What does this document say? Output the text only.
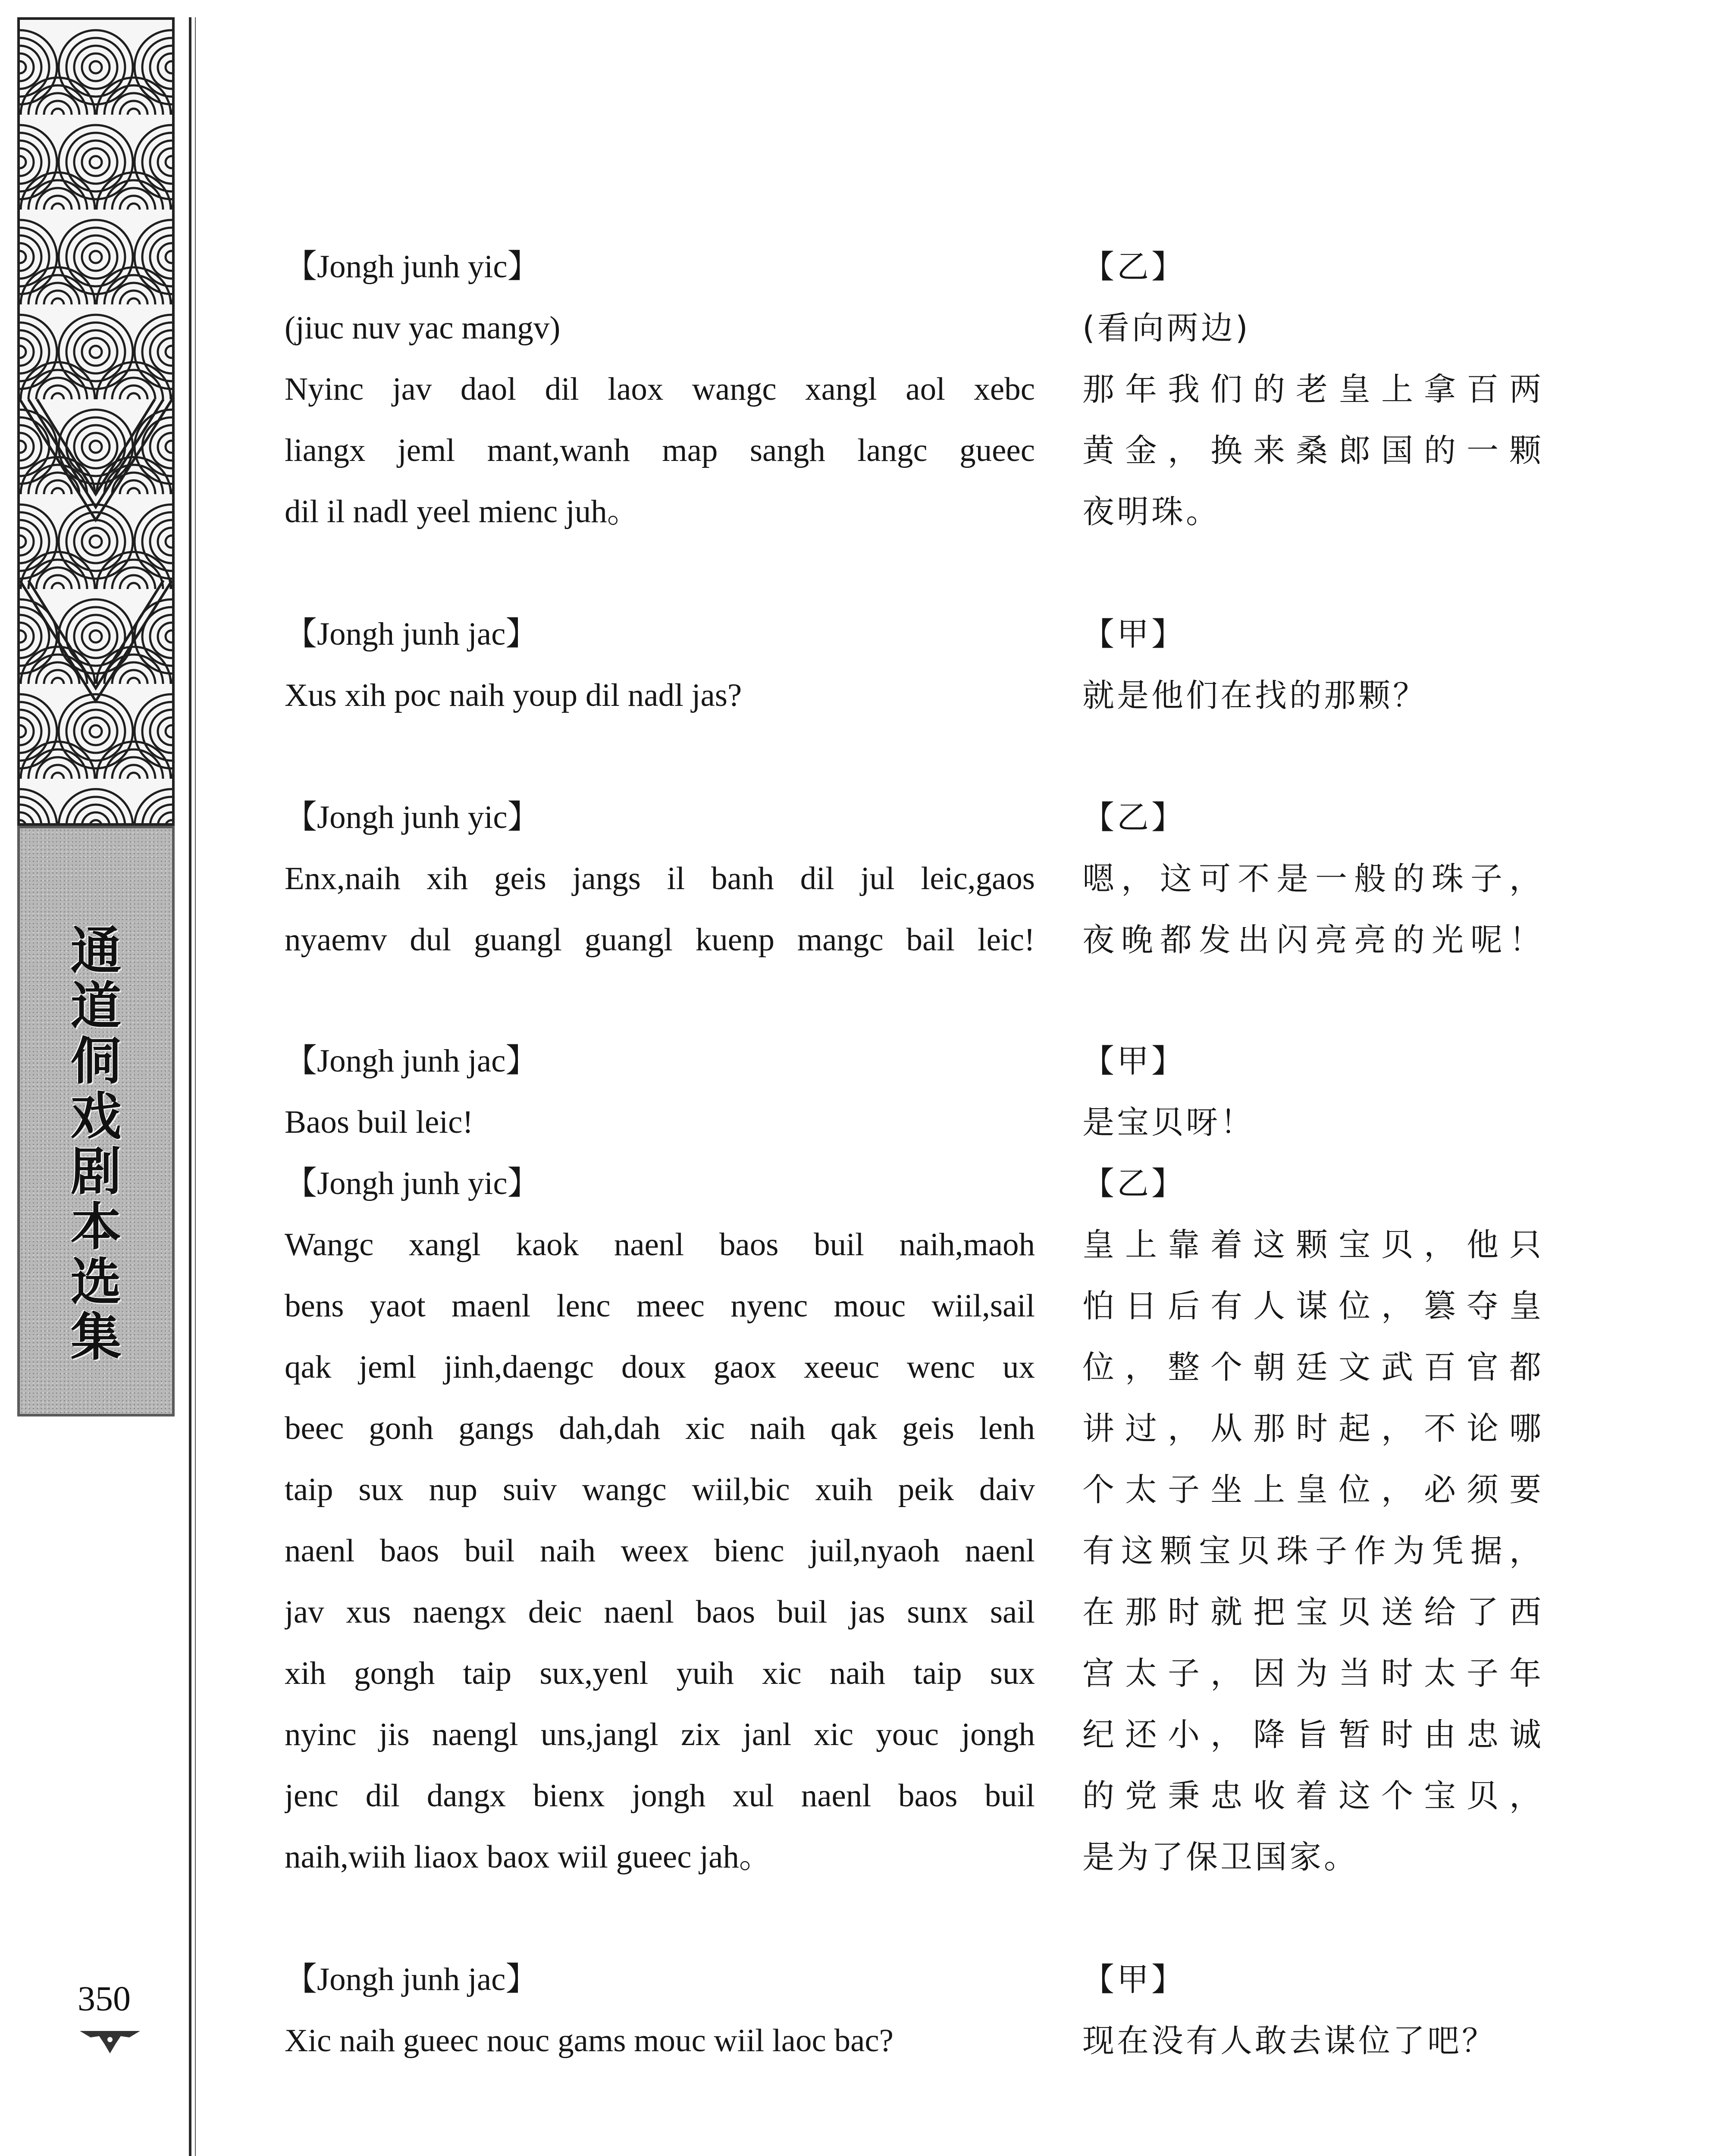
通
道
侗
戏
剧
本
选
集
350
【Jongh junh yic】
(jiuc nuv yac mangv)
Nyinc jav daol dil laox wangc xangl aol xebc
liangx jeml mant,wanh map sangh langc gueec
dil il nadl yeel mienc juh。
【乙】
(看向两边)
那年我们的老皇上拿百两
黄金，换来桑郎国的一颗
夜明珠。
【Jongh junh jac】
Xus xih poc naih youp dil nadl jas?
【甲】
就是他们在找的那颗？
【Jongh junh yic】
Enx,naih xih geis jangs il banh dil jul leic,gaos
nyaemv dul guangl guangl kuenp mangc bail leic!
【乙】
嗯，这可不是一般的珠子，
夜晚都发出闪亮亮的光呢！
【Jongh junh jac】
Baos buil leic!
【Jongh junh yic】
Wangc xangl kaok naenl baos buil naih,maoh
bens yaot maenl lenc meec nyenc mouc wiil,sail
qak jeml jinh,daengc doux gaox xeeuc wenc ux
beec gonh gangs dah,dah xic naih qak geis lenh
taip sux nup suiv wangc wiil,bic xuih peik daiv
naenl baos buil naih weex bienc juil,nyaoh naenl
jav xus naengx deic naenl baos buil jas sunx sail
xih gongh taip sux,yenl yuih xic naih taip sux
nyinc jis naengl uns,jangl zix janl xic youc jongh
jenc dil dangx bienx jongh xul naenl baos buil
naih,wiih liaox baox wiil gueec jah。
【甲】
是宝贝呀！
【乙】
皇上靠着这颗宝贝，他只
怕日后有人谋位，篡夺皇
位，整个朝廷文武百官都
讲过，从那时起，不论哪
个太子坐上皇位，必须要
有这颗宝贝珠子作为凭据，
在那时就把宝贝送给了西
宫太子，因为当时太子年
纪还小，降旨暂时由忠诚
的党秉忠收着这个宝贝，
是为了保卫国家。
【Jongh junh jac】
Xic naih gueec nouc gams mouc wiil laoc bac?
【甲】
现在没有人敢去谋位了吧？
